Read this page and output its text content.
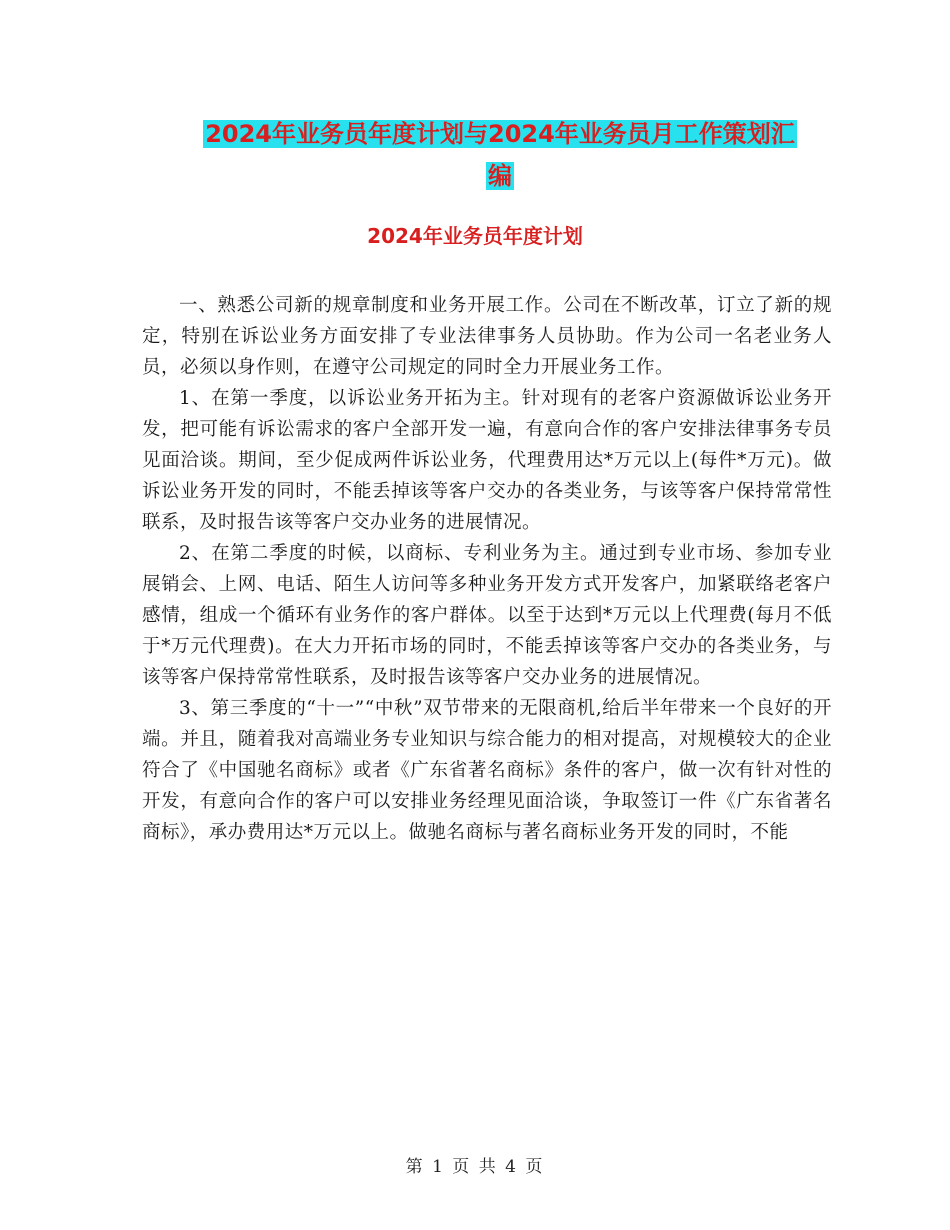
2024年业务员年度计划与2024年业务员月工作策划汇
编
2024年业务员年度计划

一、熟悉公司新的规章制度和业务开展工作。公司在不断改革，订立了新的规定，特别在诉讼业务方面安排了专业法律事务人员协助。作为公司一名老业务人员，必须以身作则，在遵守公司规定的同时全力开展业务工作。

1、在第一季度，以诉讼业务开拓为主。针对现有的老客户资源做诉讼业务开发，把可能有诉讼需求的客户全部开发一遍，有意向合作的客户安排法律事务专员见面洽谈。期间，至少促成两件诉讼业务，代理费用达*万元以上(每件*万元)。做诉讼业务开发的同时，不能丢掉该等客户交办的各类业务，与该等客户保持常常性联系，及时报告该等客户交办业务的进展情况。

2、在第二季度的时候，以商标、专利业务为主。通过到专业市场、参加专业展销会、上网、电话、陌生人访问等多种业务开发方式开发客户，加紧联络老客户感情，组成一个循环有业务作的客户群体。以至于达到*万元以上代理费(每月不低于*万元代理费)。在大力开拓市场的同时，不能丢掉该等客户交办的各类业务，与该等客户保持常常性联系，及时报告该等客户交办业务的进展情况。

3、第三季度的“十一”“中秋”双节带来的无限商机,给后半年带来一个良好的开端。并且，随着我对高端业务专业知识与综合能力的相对提高，对规模较大的企业符合了《中国驰名商标》或者《广东省著名商标》条件的客户，做一次有针对性的开发，有意向合作的客户可以安排业务经理见面洽谈，争取签订一件《广东省著名商标》，承办费用达*万元以上。做驰名商标与著名商标业务开发的同时，不能

第 1 页 共 4 页
